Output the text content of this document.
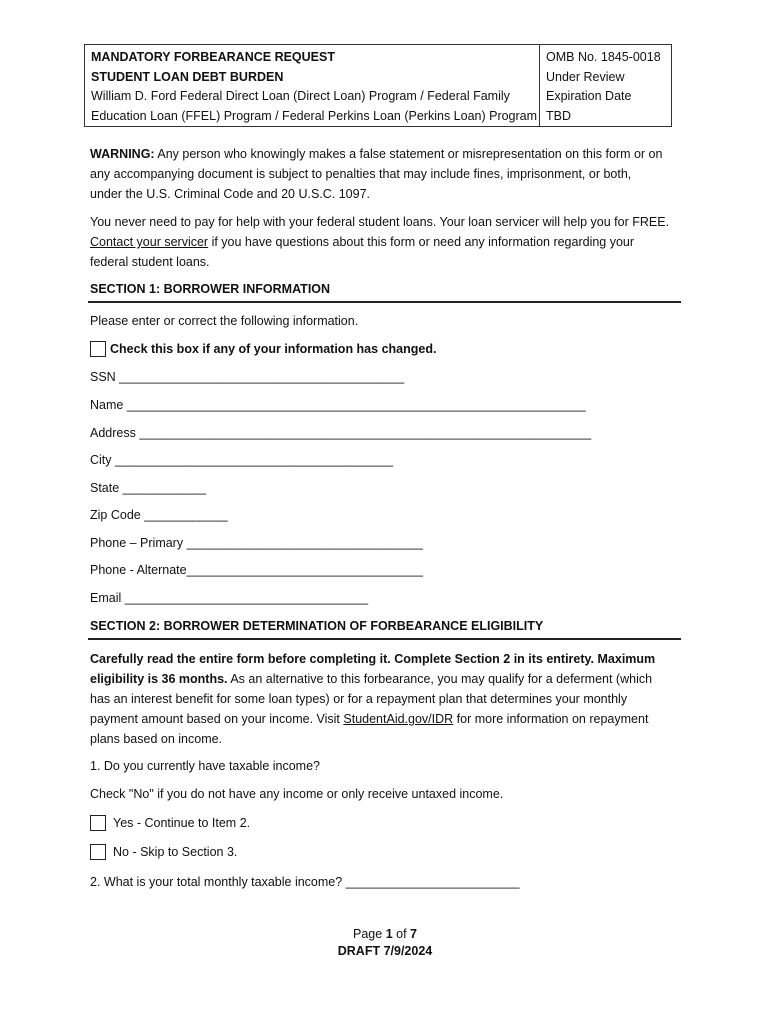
MANDATORY FORBEARANCE REQUEST
STUDENT LOAN DEBT BURDEN
William D. Ford Federal Direct Loan (Direct Loan) Program / Federal Family
Education Loan (FFEL) Program / Federal Perkins Loan (Perkins Loan) Program
OMB No. 1845-0018
Under Review
Expiration Date
TBD
WARNING: Any person who knowingly makes a false statement or misrepresentation on this form or on
any accompanying document is subject to penalties that may include fines, imprisonment, or both,
under the U.S. Criminal Code and 20 U.S.C. 1097.
You never need to pay for help with your federal student loans. Your loan servicer will help you for FREE.
Contact your servicer if you have questions about this form or need any information regarding your
federal student loans.
SECTION 1: BORROWER INFORMATION
Please enter or correct the following information.
Check this box if any of your information has changed.
SSN _________________________________________
Name __________________________________________________________________
Address _________________________________________________________________
City ________________________________________
State ____________
Zip Code ____________
Phone – Primary __________________________________
Phone - Alternate__________________________________
Email ___________________________________
SECTION 2: BORROWER DETERMINATION OF FORBEARANCE ELIGIBILITY
Carefully read the entire form before completing it. Complete Section 2 in its entirety. Maximum
eligibility is 36 months. As an alternative to this forbearance, you may qualify for a deferment (which
has an interest benefit for some loan types) or for a repayment plan that determines your monthly
payment amount based on your income. Visit StudentAid.gov/IDR for more information on repayment
plans based on income.
1. Do you currently have taxable income?
Check "No" if you do not have any income or only receive untaxed income.
Yes - Continue to Item 2.
No - Skip to Section 3.
2. What is your total monthly taxable income? _________________________
Page 1 of 7
DRAFT 7/9/2024
